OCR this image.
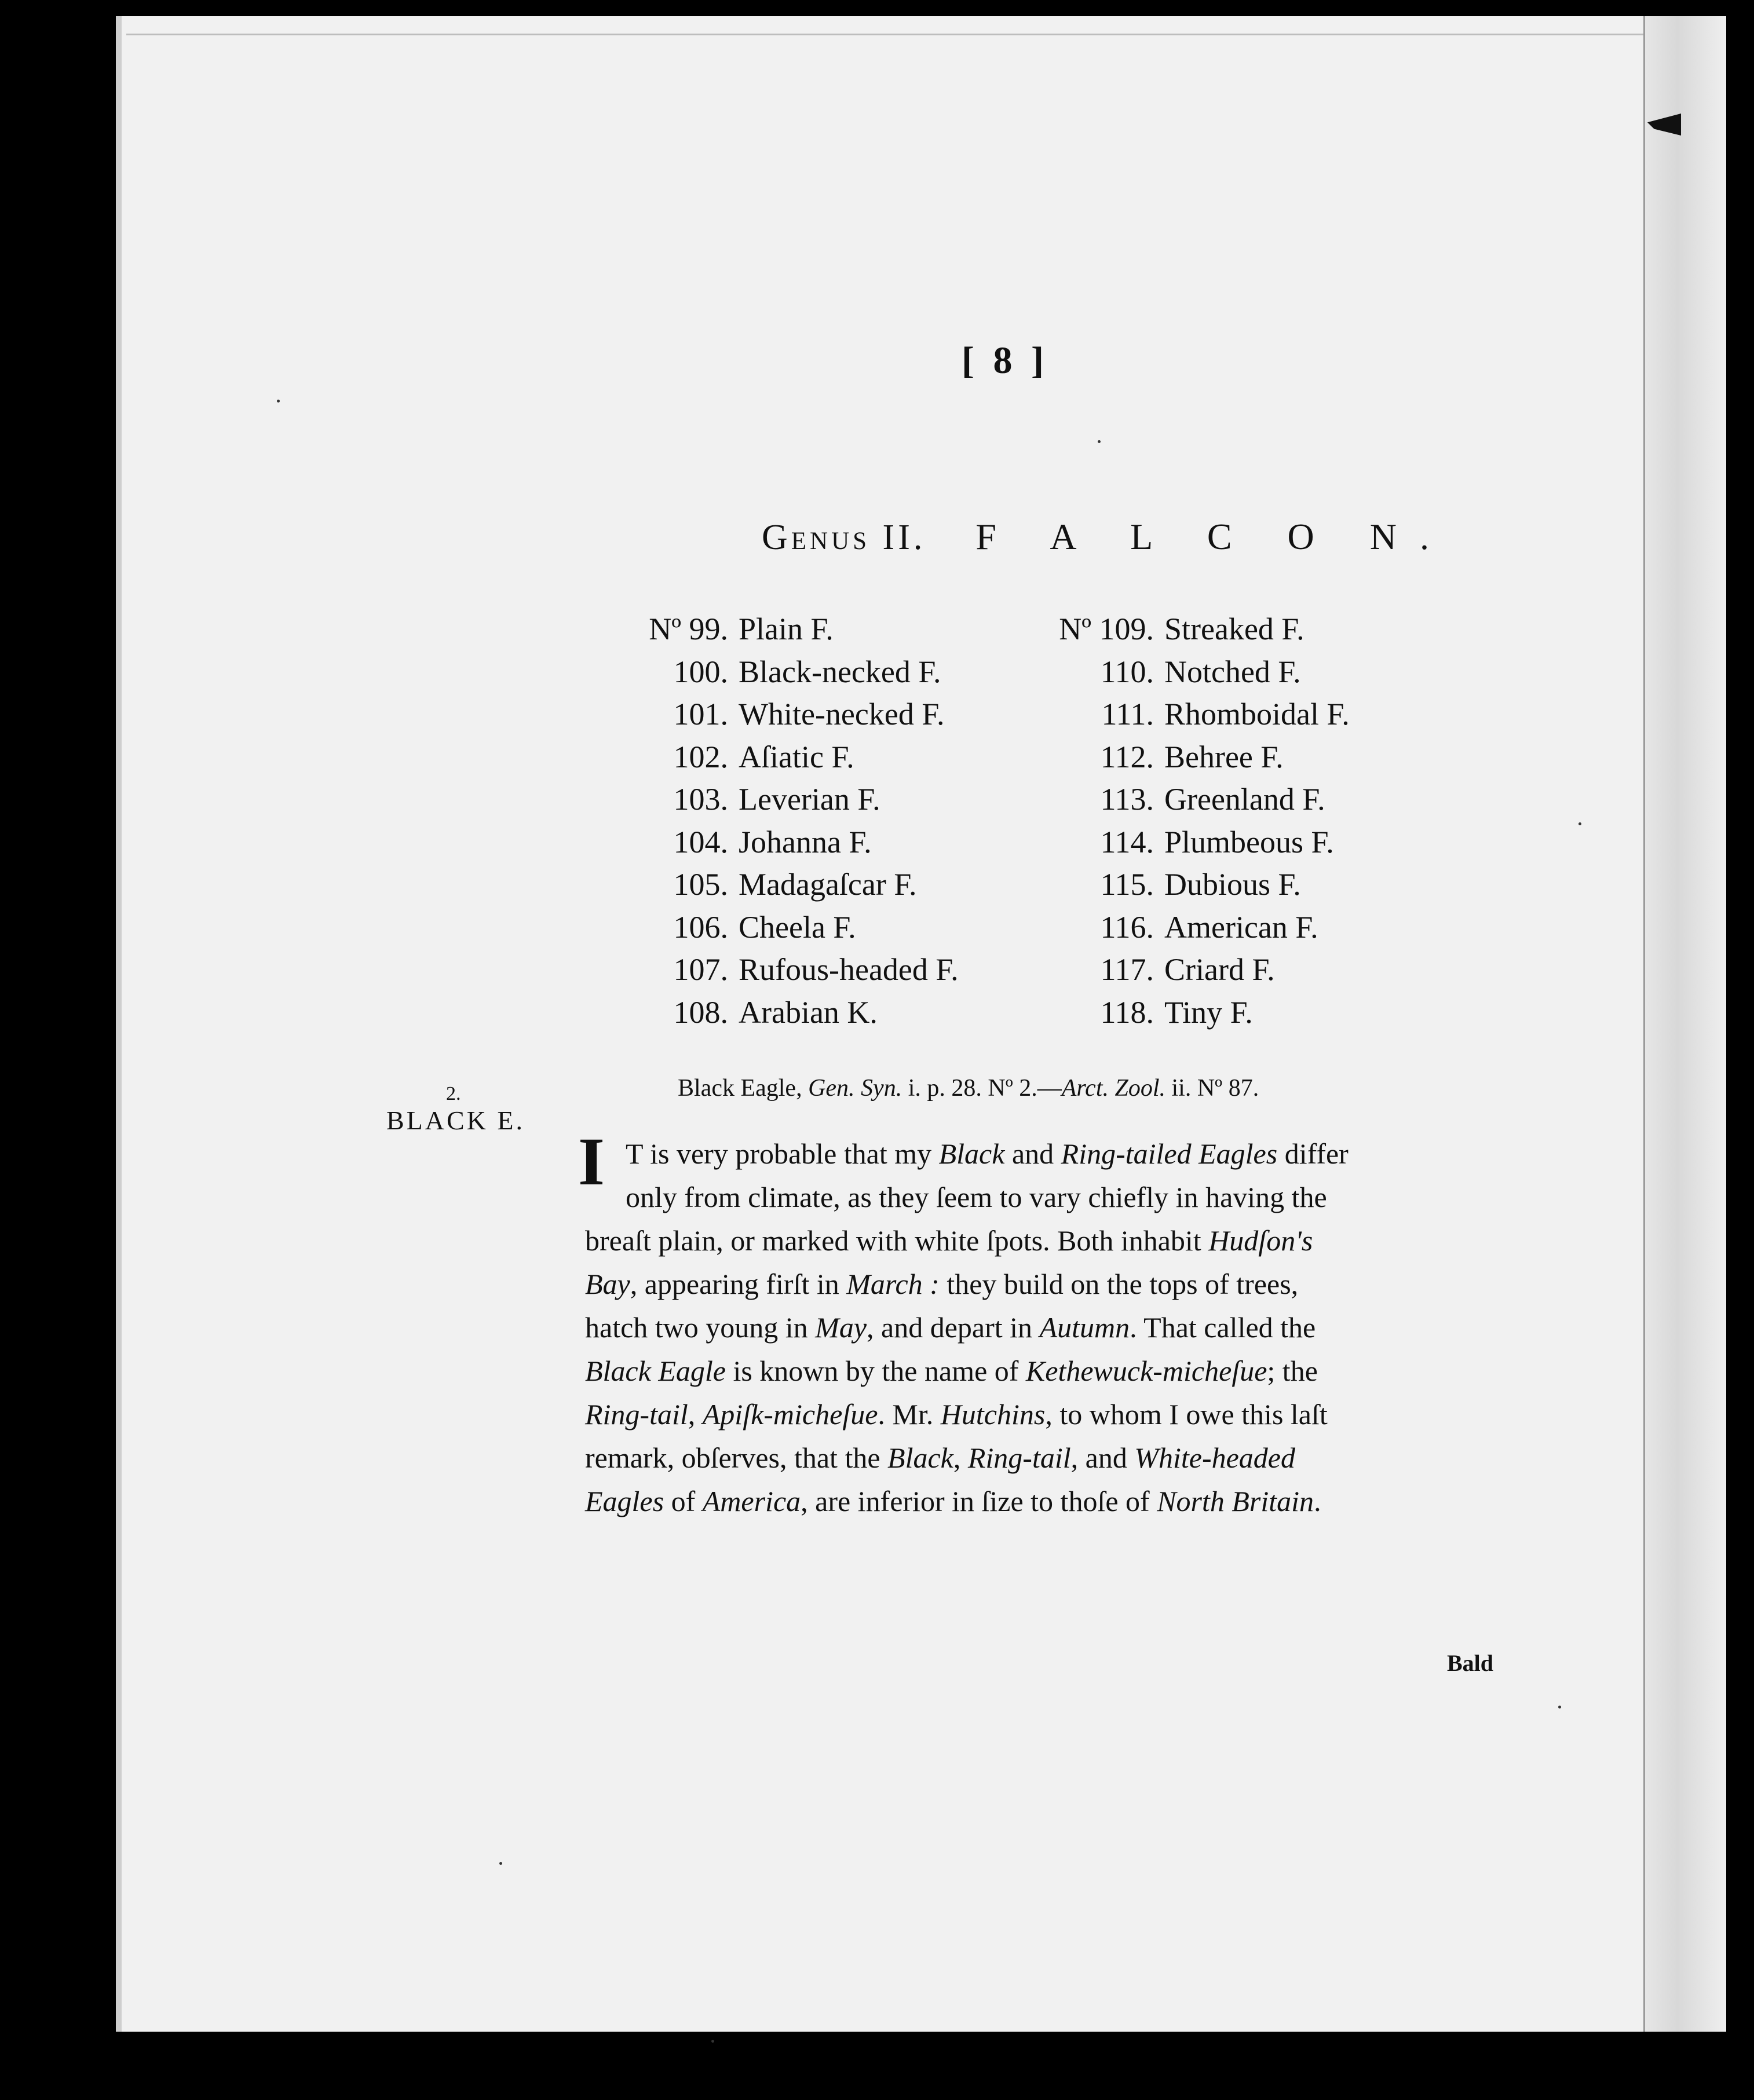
[ 8 ]
Genus II. F A L C O N.
Nº 99. Plain F.
100. Black-necked F.
101. White-necked F.
102. Aſiatic F.
103. Leverian F.
104. Johanna F.
105. Madagaſcar F.
106. Cheela F.
107. Rufous-headed F.
108. Arabian K.
Nº 109. Streaked F.
110. Notched F.
111. Rhomboidal F.
112. Behree F.
113. Greenland F.
114. Plumbeous F.
115. Dubious F.
116. American F.
117. Criard F.
118. Tiny F.
2.
BLACK E.
Black Eagle, Gen. Syn. i. p. 28. Nº 2.—Arct. Zool. ii. Nº 87.
I T is very probable that my Black and Ring-tailed Eagles differ
only from climate, as they ſeem to vary chiefly in having the
breaſt plain, or marked with white ſpots. Both inhabit Hudſon's
Bay, appearing firſt in March : they build on the tops of trees,
hatch two young in May, and depart in Autumn. That called the
Black Eagle is known by the name of Kethewuck-micheſue; the
Ring-tail, Apiſk-micheſue. Mr. Hutchins, to whom I owe this laſt
remark, obſerves, that the Black, Ring-tail, and White-headed
Eagles of America, are inferior in ſize to thoſe of North Britain.
Bald
